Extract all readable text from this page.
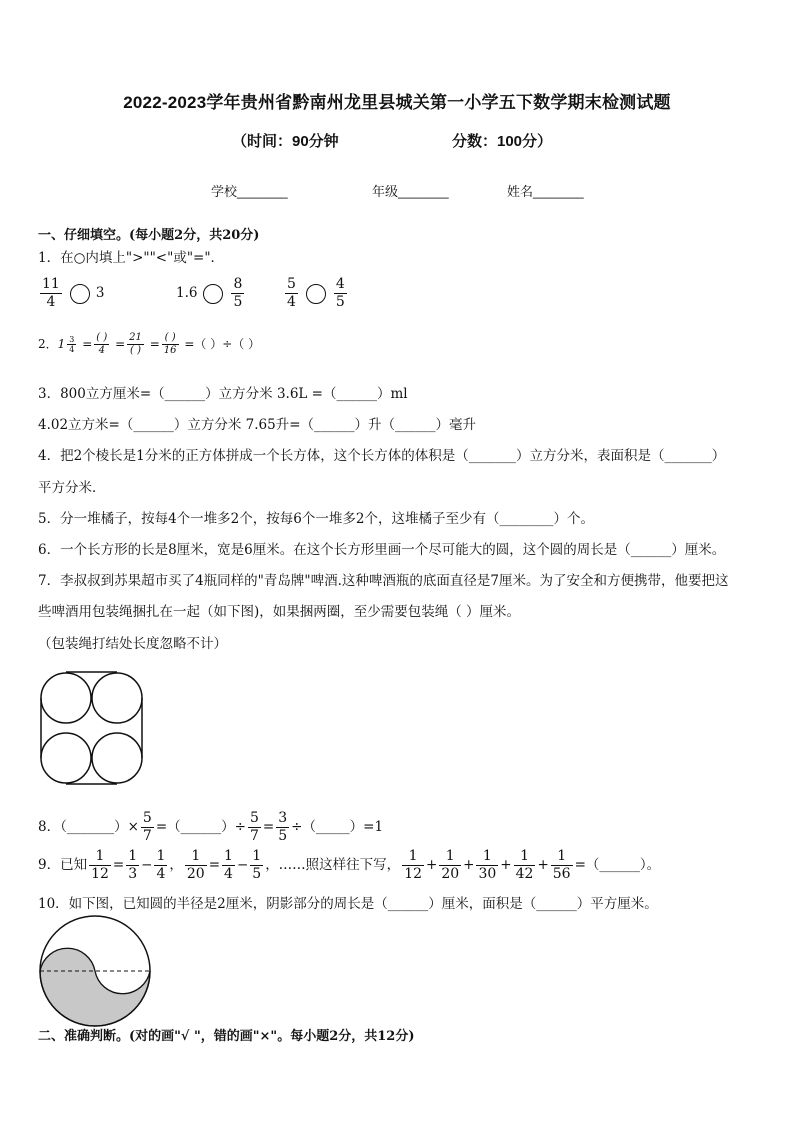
2022-2023学年贵州省黔南州龙里县城关第一小学五下数学期末检测试题
（时间：90分钟	分数：100分）
学校_______	年级_______	姓名_______
一、仔细填空。(每小题2分，共20分)
1．在○内填上">""<"或"="．
$\frac{11}{4}$	3	$1.6 \frac{8}{5}$	$\frac{5}{4}$	$\frac{4}{5}$
2．$1 \frac{3}{4} = \frac{( )}{4} = \frac{21}{( )} = \frac{( )}{16}$ =（ ）÷（ ）
3．800立方厘米=（______）立方分米 3.6L =（______）ml
4.02立方米=（______）立方分米 7.65升=（______）升（______）毫升
4．把2个棱长是1分米的正方体拼成一个长方体，这个长方体的体积是（_______）立方分米，表面积是（_______）
平方分米．
5．分一堆橘子，按每4个一堆多2个，按每6个一堆多2个，这堆橘子至少有（________）个。
6．一个长方形的长是8厘米，宽是6厘米。在这个长方形里画一个尽可能大的圆，这个圆的周长是（______）厘米。
7．李叔叔到苏果超市买了4瓶同样的"青岛牌"啤酒.这种啤酒瓶的底面直径是7厘米。为了安全和方便携带，他要把这
些啤酒用包装绳捆扎在一起（如下图)，如果捆两圈，至少需要包装绳（ ）厘米。
（包装绳打结处长度忽略不计）
8．（_______）× $\frac{5}{7}$ =（______）÷ $\frac{5}{7} = \frac{3}{5}$ ÷（_____）=1
9．已知 $\frac{1}{12} = \frac{1}{3} - \frac{1}{4}$ ， $\frac{1}{20} = \frac{1}{4} - \frac{1}{5}$ ，……照这样往下写， $\frac{1}{12} + \frac{1}{20} + \frac{1}{30} + \frac{1}{42} + \frac{1}{56}$ =（______）。
10．如下图，已知圆的半径是2厘米，阴影部分的周长是（______）厘米，面积是（______）平方厘米。
二、准确判断。(对的画"√ "，错的画"×"。每小题2分，共12分)
